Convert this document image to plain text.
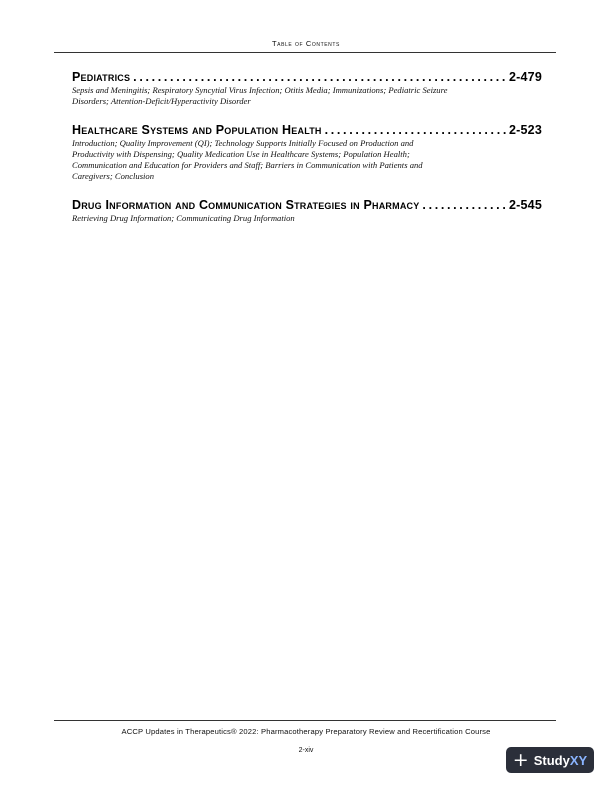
Table of Contents
Pediatrics . . .	2-479
Sepsis and Meningitis; Respiratory Syncytial Virus Infection; Otitis Media; Immunizations; Pediatric Seizure Disorders; Attention-Deficit/Hyperactivity Disorder
Healthcare Systems and Population Health . . .	2-523
Introduction; Quality Improvement (QI); Technology Supports Initially Focused on Production and Productivity with Dispensing; Quality Medication Use in Healthcare Systems; Population Health; Communication and Education for Providers and Staff; Barriers in Communication with Patients and Caregivers; Conclusion
Drug Information and Communication Strategies in Pharmacy . . .	2-545
Retrieving Drug Information; Communicating Drug Information
ACCP Updates in Therapeutics® 2022: Pharmacotherapy Preparatory Review and Recertification Course
2-xiv	+ StudyXY
